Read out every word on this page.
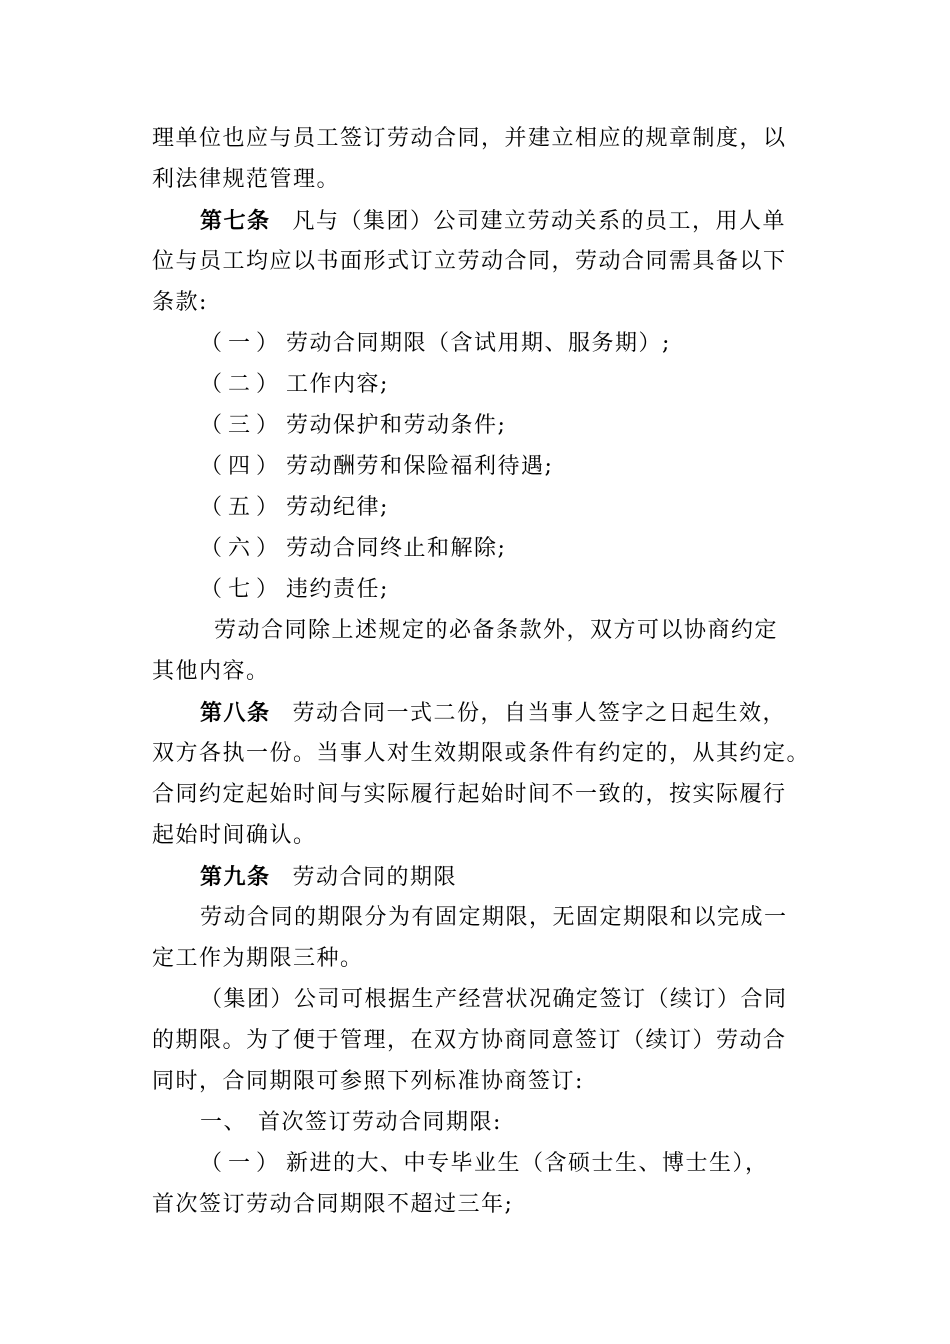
理单位也应与员工签订劳动合同，并建立相应的规章制度，以
利法律规范管理。
第七条 凡与（集团）公司建立劳动关系的员工，用人单
位与员工均应以书面形式订立劳动合同，劳动合同需具备以下
条款:
（一）劳动合同期限（含试用期、服务期）;
（二）工作内容;
（三）劳动保护和劳动条件;
（四）劳动酬劳和保险福利待遇;
（五）劳动纪律;
（六）劳动合同终止和解除;
（七）违约责任;
劳动合同除上述规定的必备条款外，双方可以协商约定
其他内容。
第八条 劳动合同一式二份，自当事人签字之日起生效，
双方各执一份。当事人对生效期限或条件有约定的，从其约定。
合同约定起始时间与实际履行起始时间不一致的，按实际履行
起始时间确认。
第九条 劳动合同的期限
劳动合同的期限分为有固定期限，无固定期限和以完成一
定工作为期限三种。
（集团）公司可根据生产经营状况确定签订（续订）合同
的期限。为了便于管理，在双方协商同意签订（续订）劳动合
同时，合同期限可参照下列标准协商签订:
一、 首次签订劳动合同期限:
（一）新进的大、中专毕业生（含硕士生、博士生），
首次签订劳动合同期限不超过三年;
